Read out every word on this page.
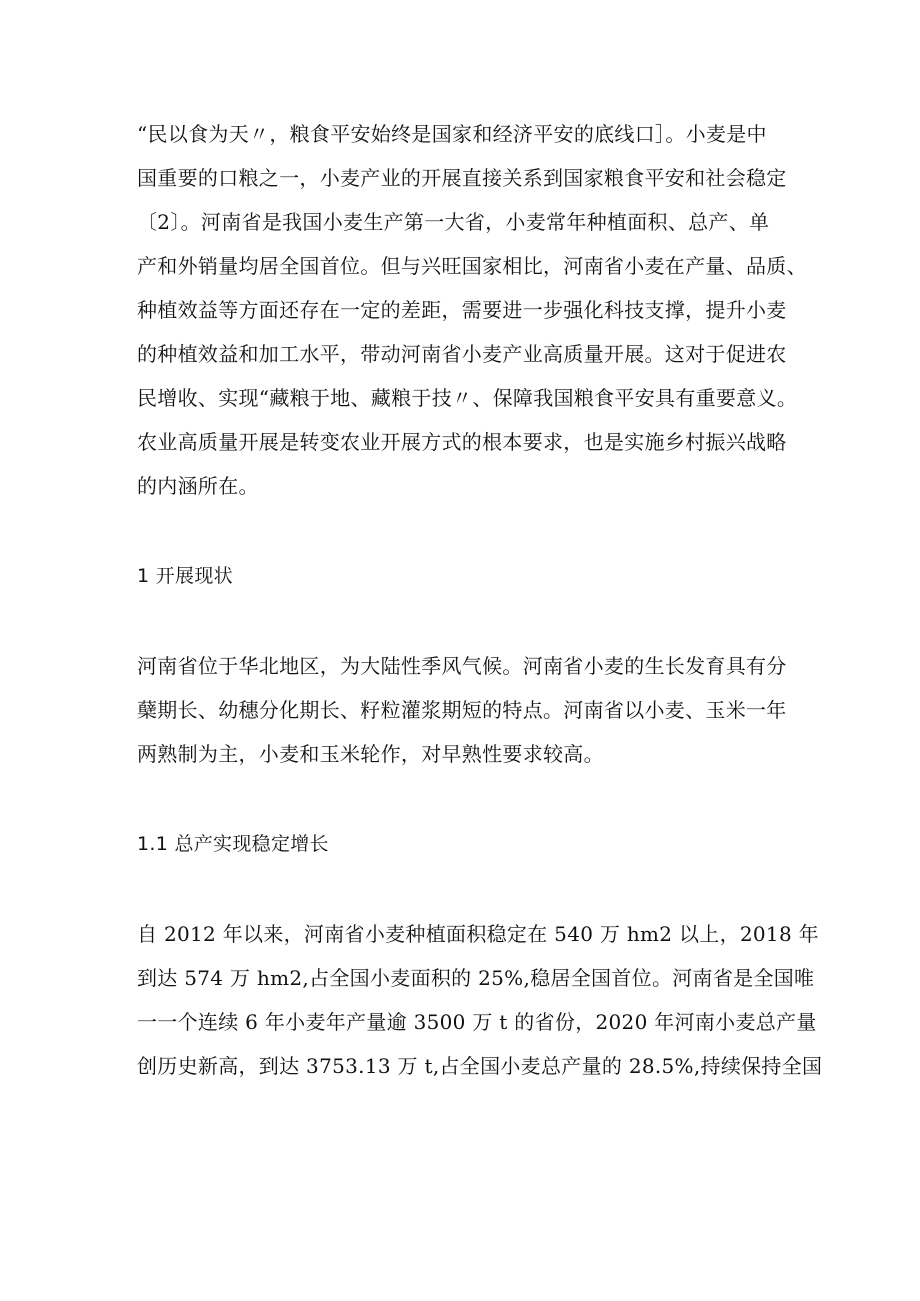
“民以食为天〃，粮食平安始终是国家和经济平安的底线口］。小麦是中
国重要的口粮之一，小麦产业的开展直接关系到国家粮食平安和社会稳定
〔2〕。河南省是我国小麦生产第一大省，小麦常年种植面积、总产、单
产和外销量均居全国首位。但与兴旺国家相比，河南省小麦在产量、品质、
种植效益等方面还存在一定的差距，需要进一步强化科技支撑，提升小麦
的种植效益和加工水平，带动河南省小麦产业高质量开展。这对于促进农
民增收、实现“藏粮于地、藏粮于技〃、保障我国粮食平安具有重要意义。
农业高质量开展是转变农业开展方式的根本要求，也是实施乡村振兴战略
的内涵所在。
1 开展现状
河南省位于华北地区，为大陆性季风气候。河南省小麦的生长发育具有分
蘖期长、幼穗分化期长、籽粒灌浆期短的特点。河南省以小麦、玉米一年
两熟制为主，小麦和玉米轮作，对早熟性要求较高。
1.1 总产实现稳定增长
自 2012 年以来，河南省小麦种植面积稳定在 540 万 hm2 以上，2018 年
到达 574 万 hm2,占全国小麦面积的 25%,稳居全国首位。河南省是全国唯
一一个连续 6 年小麦年产量逾 3500 万 t 的省份，2020 年河南小麦总产量
创历史新高，到达 3753.13 万 t,占全国小麦总产量的 28.5%,持续保持全国
